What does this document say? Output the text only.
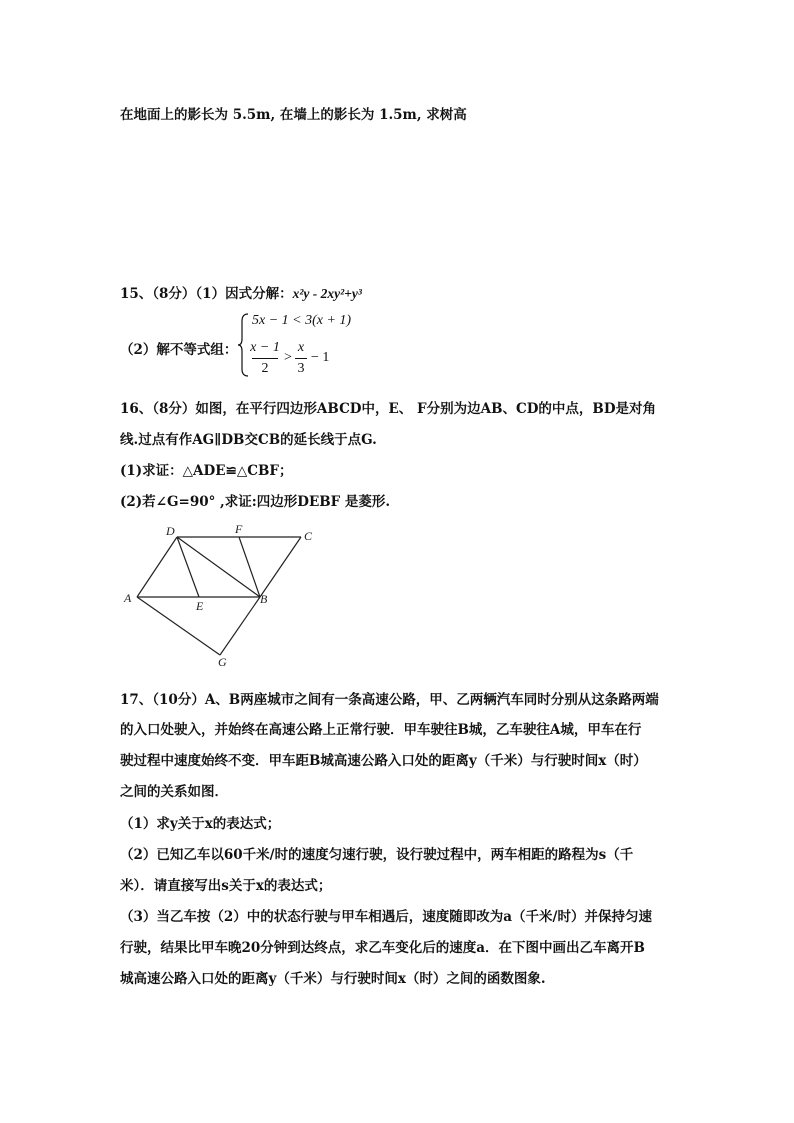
在地面上的影长为 5.5m, 在墙上的影长为 1.5m, 求树高
15、（8分）（1）因式分解：x²y - 2xy²+y³
（2）解不等式组：
5x − 1 < 3(x + 1)
x − 1
2
>
x
3
− 1
16、（8分）如图，在平行四边形ABCD中，E、 F分别为边AB、CD的中点，BD是对角
线.过点有作AG∥DB交CB的延长线于点G.
(1)求证：△ADE≌△CBF；
(2)若∠G=90° ,求证:四边形DEBF 是菱形.
D	F	C
A
E	B
G
17、（10分）A、B两座城市之间有一条高速公路，甲、乙两辆汽车同时分别从这条路两端
的入口处驶入，并始终在高速公路上正常行驶．甲车驶往B城，乙车驶往A城，甲车在行
驶过程中速度始终不变．甲车距B城高速公路入口处的距离y（千米）与行驶时间x（时）
之间的关系如图．
（1）求y关于x的表达式；
（2）已知乙车以60千米/时的速度匀速行驶，设行驶过程中，两车相距的路程为s（千
米）．请直接写出s关于x的表达式；
（3）当乙车按（2）中的状态行驶与甲车相遇后，速度随即改为a（千米/时）并保持匀速
行驶，结果比甲车晚20分钟到达终点，求乙车变化后的速度a．在下图中画出乙车离开B
城高速公路入口处的距离y（千米）与行驶时间x（时）之间的函数图象.
